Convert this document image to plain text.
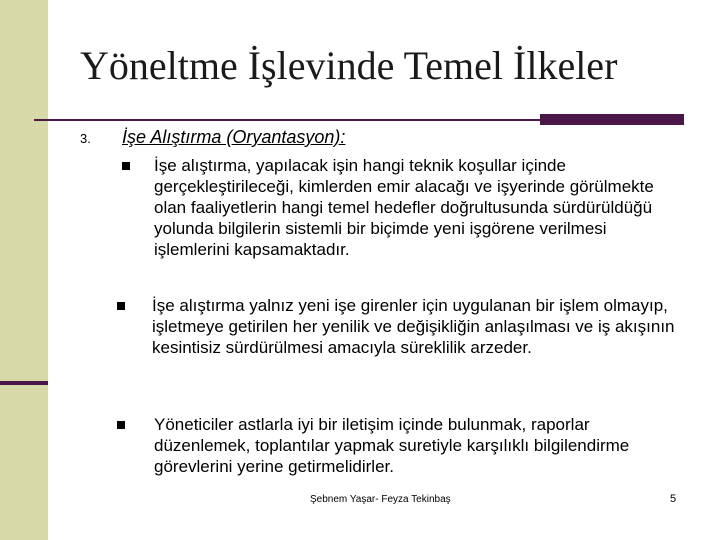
Yöneltme İşlevinde Temel İlkeler
3. İşe Alıştırma (Oryantasyon):
İşe alıştırma, yapılacak işin hangi teknik koşullar içinde gerçekleştirileceği, kimlerden emir alacağı ve işyerinde görülmekte olan faaliyetlerin hangi temel hedefler doğrultusunda sürdürüldüğü yolunda bilgilerin sistemli bir biçimde yeni işgörene verilmesi işlemlerini kapsamaktadır.
İşe alıştırma yalnız yeni işe girenler için uygulanan bir işlem olmayıp, işletmeye getirilen her yenilik ve değişikliğin anlaşılması ve iş akışının kesintisiz sürdürülmesi amacıyla süreklilik arzeder.
Yöneticiler astlarla iyi bir iletişim içinde bulunmak, raporlar düzenlemek, toplantılar yapmak suretiyle karşılıklı bilgilendirme görevlerini yerine getirmelidirler.
Şebnem Yaşar- Feyza Tekinbaş	5
